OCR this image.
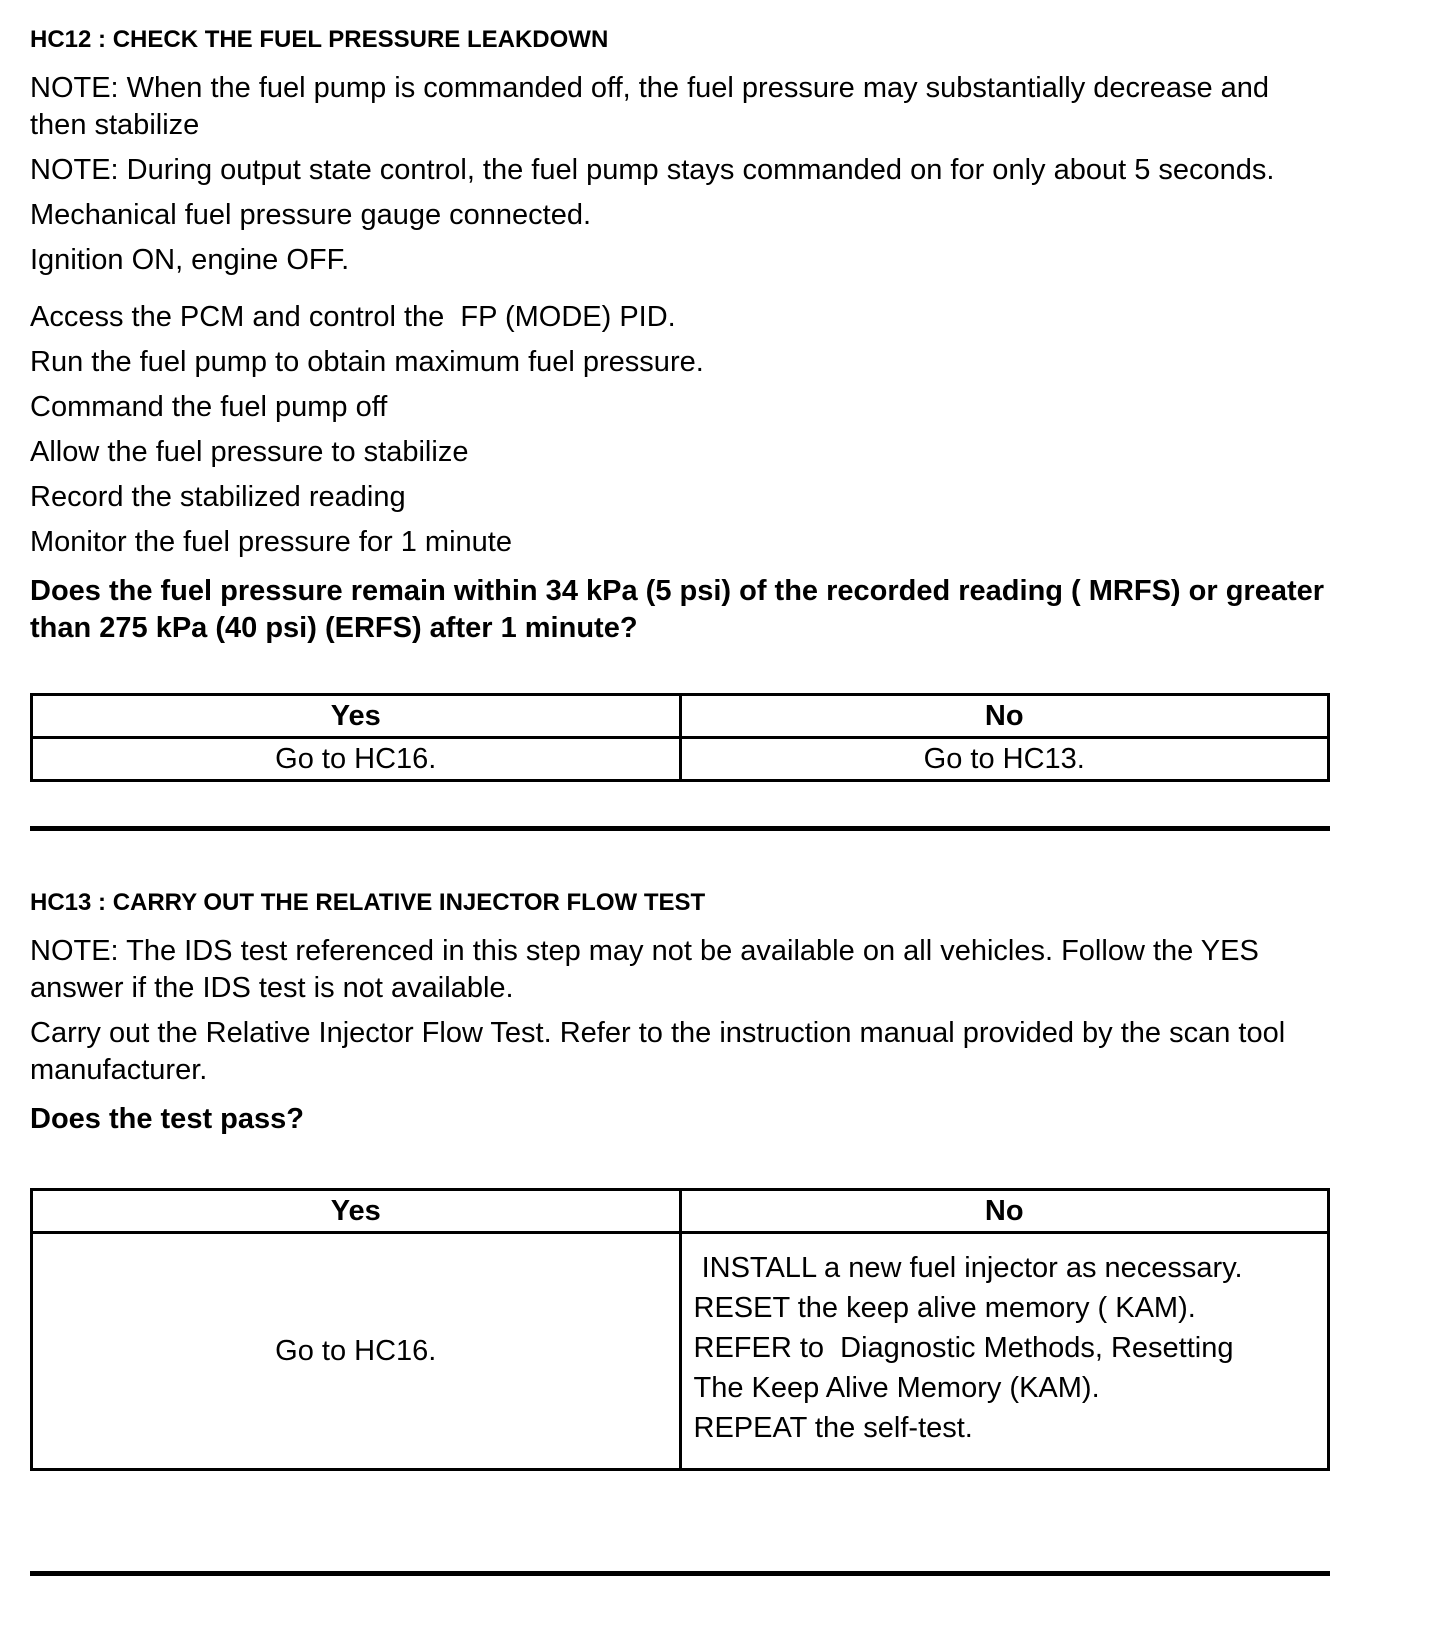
HC12 : CHECK THE FUEL PRESSURE LEAKDOWN

NOTE: When the fuel pump is commanded off, the fuel pressure may substantially decrease and then stabilize

NOTE: During output state control, the fuel pump stays commanded on for only about 5 seconds.

Mechanical fuel pressure gauge connected.

Ignition ON, engine OFF.

Access the PCM and control the  FP (MODE) PID.

Run the fuel pump to obtain maximum fuel pressure.

Command the fuel pump off

Allow the fuel pressure to stabilize

Record the stabilized reading

Monitor the fuel pressure for 1 minute

Does the fuel pressure remain within 34 kPa (5 psi) of the recorded reading ( MRFS) or greater than 275 kPa (40 psi) (ERFS) after 1 minute?

Yes	No
Go to HC16.	Go to HC13.
HC13 : CARRY OUT THE RELATIVE INJECTOR FLOW TEST

NOTE: The IDS test referenced in this step may not be available on all vehicles. Follow the YES answer if the IDS test is not available.

Carry out the Relative Injector Flow Test. Refer to the instruction manual provided by the scan tool manufacturer.

Does the test pass?

Yes	No
Go to HC16.	INSTALL a new fuel injector as necessary.
RESET the keep alive memory ( KAM).
REFER to  Diagnostic Methods, Resetting
The Keep Alive Memory (KAM).
REPEAT the self-test.
